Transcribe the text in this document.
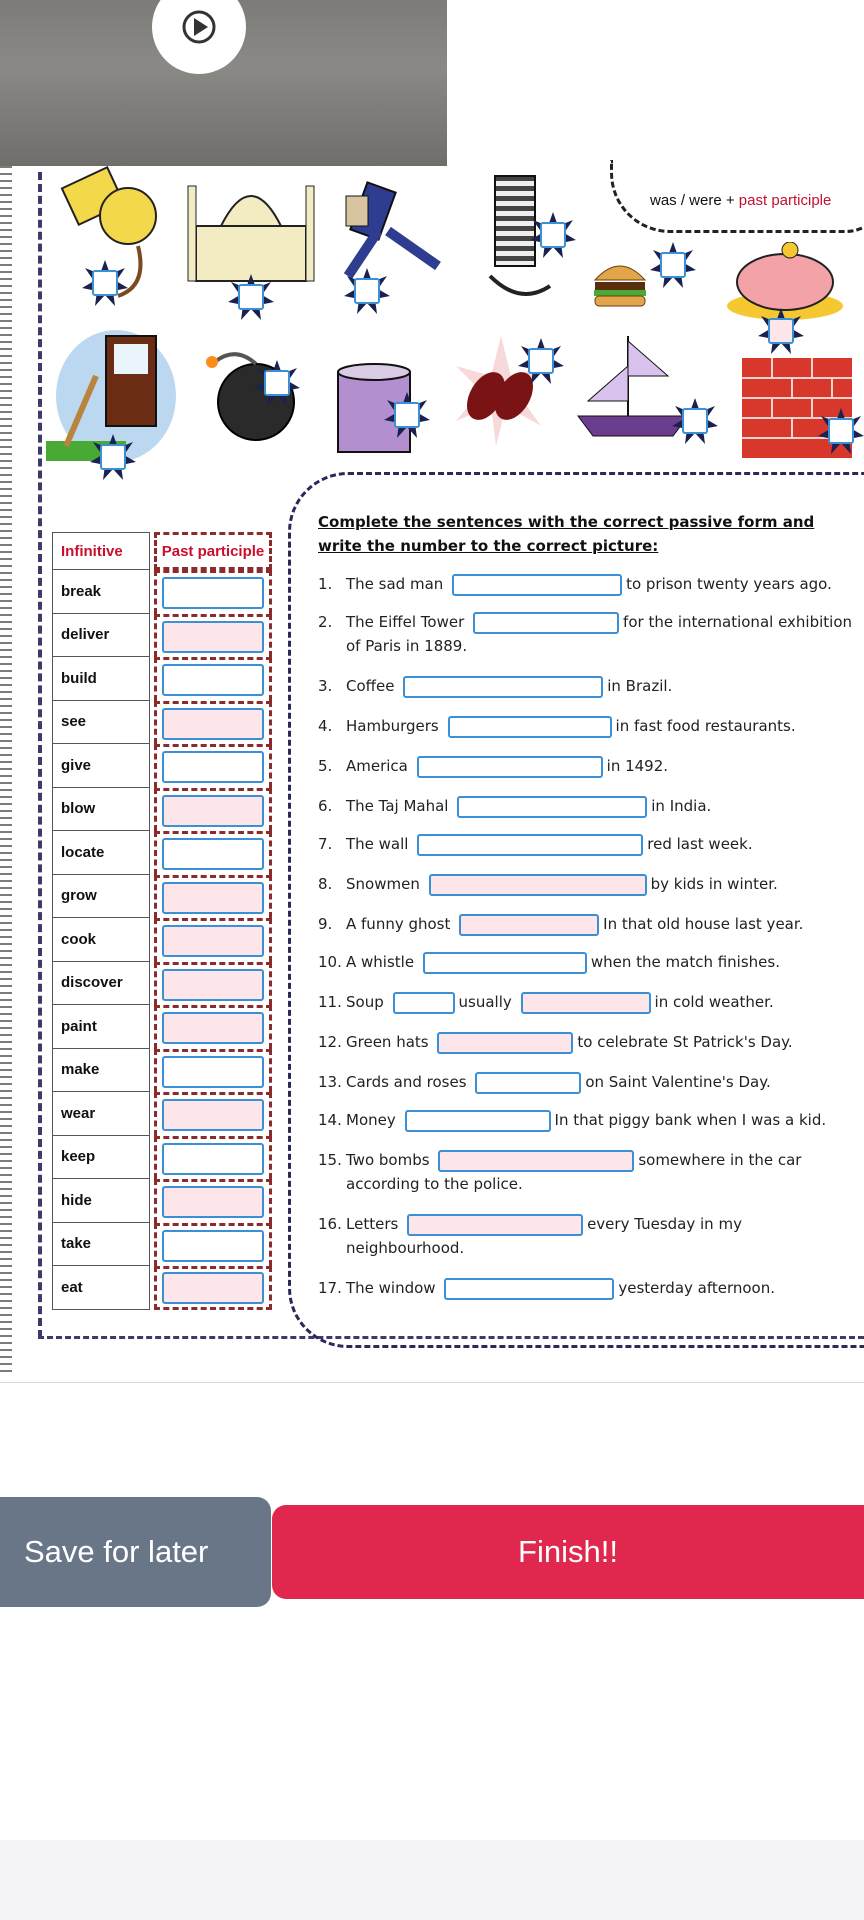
was / were + past participle
Complete the sentences with the correct passive form and write the number to the correct picture:
1. The sad man	to prison twenty years ago.
2. The Eiffel Tower	for the international exhibition
of Paris in 1889.
3. Coffee	in Brazil.
4. Hamburgers	in fast food restaurants.
5. America	in 1492.
6. The Taj Mahal	in India.
7. The wall	red last week.
8. Snowmen	by kids in winter.
9. A funny ghost	In that old house last year.
10. A whistle	when the match finishes.
11. Soup	usually	in cold weather.
12. Green hats	to celebrate St Patrick's Day.
13. Cards and roses	on Saint Valentine's Day.
14. Money	In that piggy bank when I was a kid.
15. Two bombs	somewhere in the car
according to the police.
16. Letters	every Tuesday in my
neighbourhood.
17. The window	yesterday afternoon.
Infinitive	Past participle
break
deliver
build
see
give
blow
locate
grow
cook
discover
paint
make
wear
keep
hide
take
eat
Save for later	Finish!!
